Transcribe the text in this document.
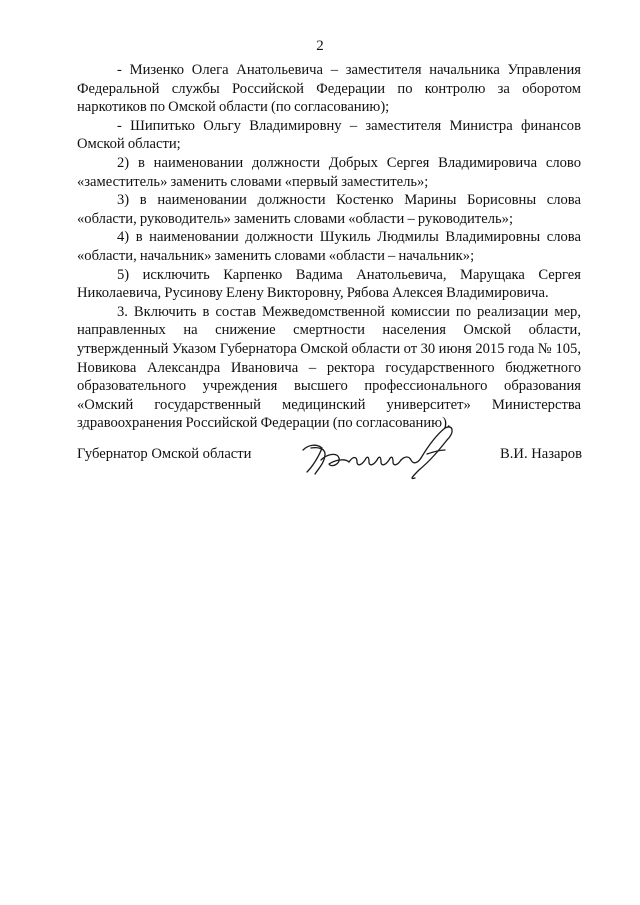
2

- Мизенко Олега Анатольевича – заместителя начальника Управления Федеральной службы Российской Федерации по контролю за оборотом наркотиков по Омской области (по согласованию);

- Шипитько Ольгу Владимировну – заместителя Министра финансов Омской области;

2) в наименовании должности Добрых Сергея Владимировича слово «заместитель» заменить словами «первый заместитель»;

3) в наименовании должности Костенко Марины Борисовны слова «области, руководитель» заменить словами «области – руководитель»;

4) в наименовании должности Шукиль Людмилы Владимировны слова «области, начальник» заменить словами «области – начальник»;

5) исключить Карпенко Вадима Анатольевича, Марущака Сергея Николаевича, Русинову Елену Викторовну, Рябова Алексея Владимировича.

3. Включить в состав Межведомственной комиссии по реализации мер, направленных на снижение смертности населения Омской области, утвержденный Указом Губернатора Омской области от 30 июня 2015 года № 105, Новикова Александра Ивановича – ректора государственного бюджетного образовательного учреждения высшего профессионального образования «Омский государственный медицинский университет» Министерства здравоохранения Российской Федерации (по согласованию).

Губернатор Омской области	В.И. Назаров
